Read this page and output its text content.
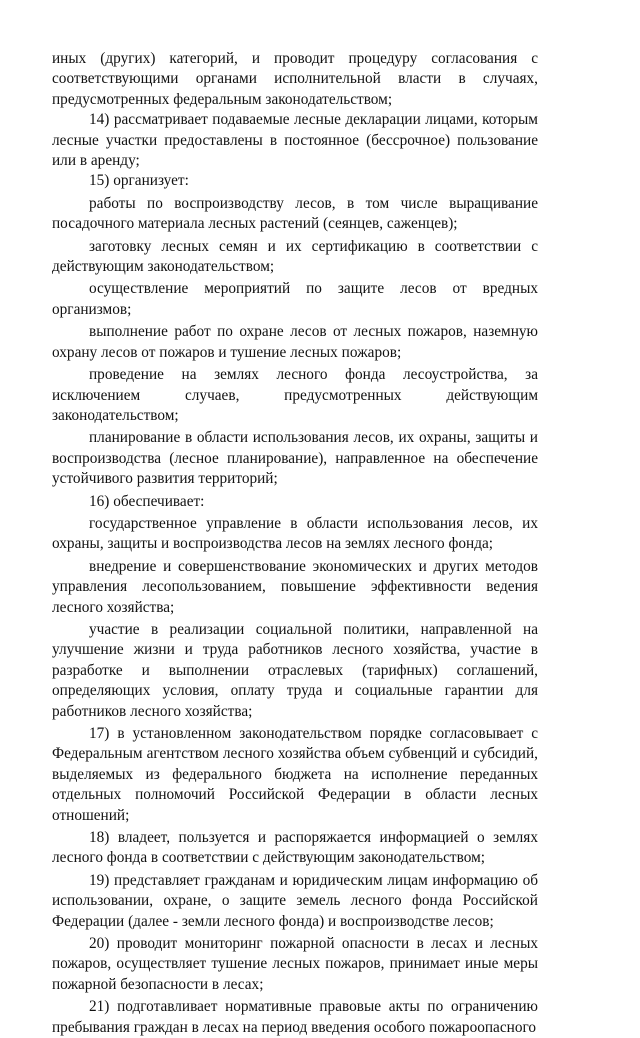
иных (других) категорий, и проводит процедуру согласования с соответствующими органами исполнительной власти в случаях, предусмотренных федеральным законодательством;

14) рассматривает подаваемые лесные декларации лицами, которым лесные участки предоставлены в постоянное (бессрочное) пользование или в аренду;

15) организует:

работы по воспроизводству лесов, в том числе выращивание посадочного материала лесных растений (сеянцев, саженцев);

заготовку лесных семян и их сертификацию в соответствии с действующим законодательством;

осуществление мероприятий по защите лесов от вредных организмов;

выполнение работ по охране лесов от лесных пожаров, наземную охрану лесов от пожаров и тушение лесных пожаров;

проведение на землях лесного фонда лесоустройства, за исключением случаев, предусмотренных действующим законодательством;

планирование в области использования лесов, их охраны, защиты и воспроизводства (лесное планирование), направленное на обеспечение устойчивого развития территорий;

16) обеспечивает:

государственное управление в области использования лесов, их охраны, защиты и воспроизводства лесов на землях лесного фонда;

внедрение и совершенствование экономических и других методов управления лесопользованием, повышение эффективности ведения лесного хозяйства;

участие в реализации социальной политики, направленной на улучшение жизни и труда работников лесного хозяйства, участие в разработке и выполнении отраслевых (тарифных) соглашений, определяющих условия, оплату труда и социальные гарантии для работников лесного хозяйства;

17) в установленном законодательством порядке согласовывает с Федеральным агентством лесного хозяйства объем субвенций и субсидий, выделяемых из федерального бюджета на исполнение переданных отдельных полномочий Российской Федерации в области лесных отношений;

18) владеет, пользуется и распоряжается информацией о землях лесного фонда в соответствии с действующим законодательством;

19) представляет гражданам и юридическим лицам информацию об использовании, охране, о защите земель лесного фонда Российской Федерации (далее - земли лесного фонда) и воспроизводстве лесов;

20) проводит мониторинг пожарной опасности в лесах и лесных пожаров, осуществляет тушение лесных пожаров, принимает иные меры пожарной безопасности в лесах;

21) подготавливает нормативные правовые акты по ограничению пребывания граждан в лесах на период введения особого пожароопасного
